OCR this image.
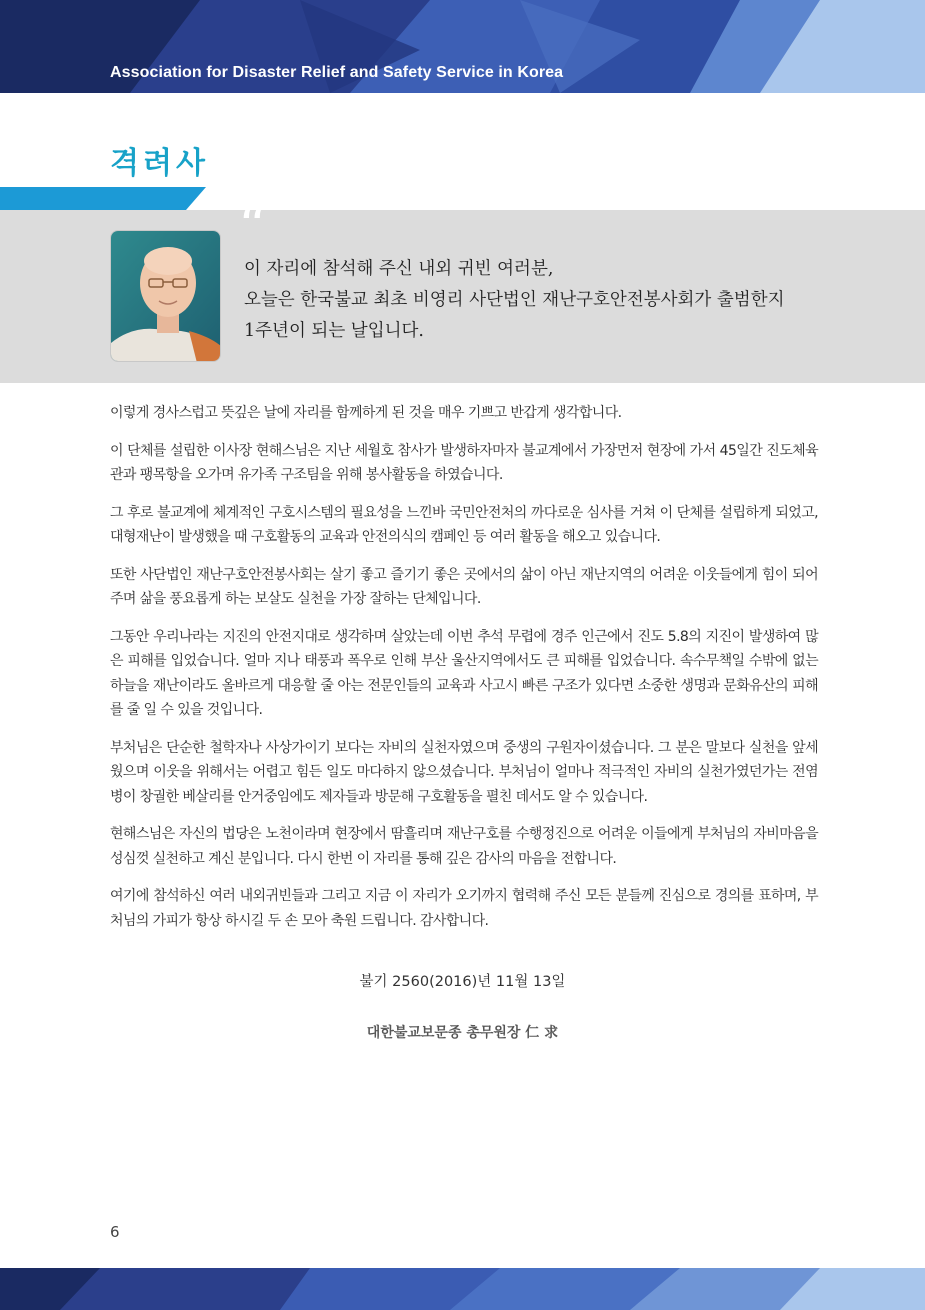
Association for Disaster Relief and Safety Service in Korea

격려사
“
이 자리에 참석해 주신 내외 귀빈 여러분,
오늘은 한국불교 최초 비영리 사단법인 재난구호안전봉사회가 출범한지
1주년이 되는 날입니다.

이렇게 경사스럽고 뜻깊은 날에 자리를 함께하게 된 것을 매우 기쁘고 반갑게 생각합니다.

이 단체를 설립한 이사장 현해스님은 지난 세월호 참사가 발생하자마자 불교계에서 가장먼저 현장에 가서 45일간 진도체육관과 팽목항을 오가며 유가족 구조팀을 위해 봉사활동을 하였습니다.

그 후로 불교계에 체계적인 구호시스템의 필요성을 느낀바 국민안전처의 까다로운 심사를 거쳐 이 단체를 설립하게 되었고, 대형재난이 발생했을 때 구호활동의 교육과 안전의식의 캠페인 등 여러 활동을 해오고 있습니다.

또한 사단법인 재난구호안전봉사회는 살기 좋고 즐기기 좋은 곳에서의 삶이 아닌 재난지역의 어려운 이웃들에게 힘이 되어주며 삶을 풍요롭게 하는 보살도 실천을 가장 잘하는 단체입니다.

그동안 우리나라는 지진의 안전지대로 생각하며 살았는데 이번 추석 무렵에 경주 인근에서 진도 5.8의 지진이 발생하여 많은 피해를 입었습니다. 얼마 지나 태풍과 폭우로 인해 부산 울산지역에서도 큰 피해를 입었습니다. 속수무책일 수밖에 없는 하늘을 재난이라도 올바르게 대응할 줄 아는 전문인들의 교육과 사고시 빠른 구조가 있다면 소중한 생명과 문화유산의 피해를 줄 일 수 있을 것입니다.

부처님은 단순한 철학자나 사상가이기 보다는 자비의 실천자였으며 중생의 구원자이셨습니다. 그 분은 말보다 실천을 앞세웠으며 이웃을 위해서는 어렵고 힘든 일도 마다하지 않으셨습니다. 부처님이 얼마나 적극적인 자비의 실천가였던가는 전염병이 창궐한 베살리를 안거중임에도 제자들과 방문해 구호활동을 펼친 데서도 알 수 있습니다.

현해스님은 자신의 법당은 노천이라며 현장에서 땀흘리며 재난구호를 수행정진으로 어려운 이들에게 부처님의 자비마음을 성심껏 실천하고 계신 분입니다. 다시 한번 이 자리를 통해 깊은 감사의 마음을 전합니다.

여기에 참석하신 여러 내외귀빈들과 그리고 지금 이 자리가 오기까지 협력해 주신 모든 분들께 진심으로 경의를 표하며, 부처님의 가피가 항상 하시길 두 손 모아 축원 드립니다. 감사합니다.

불기 2560(2016)년 11월 13일
대한불교보문종 총무원장 仁 求
6
